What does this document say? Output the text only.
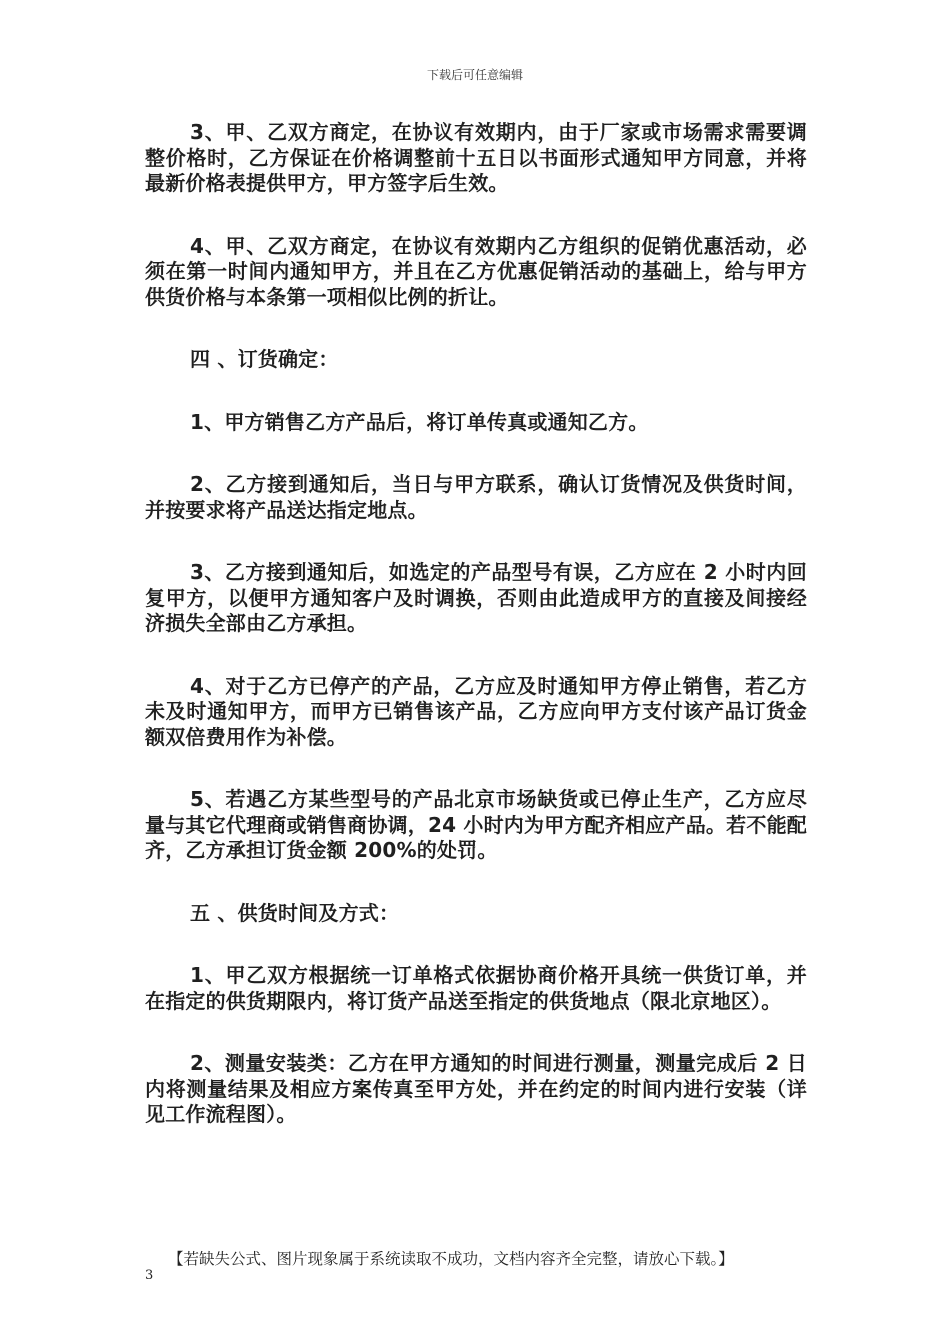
下载后可任意编辑

3、甲、乙双方商定，在协议有效期内，由于厂家或市场需求需要调整价格时，乙方保证在价格调整前十五日以书面形式通知甲方同意，并将最新价格表提供甲方，甲方签字后生效。

4、甲、乙双方商定，在协议有效期内乙方组织的促销优惠活动，必须在第一时间内通知甲方，并且在乙方优惠促销活动的基础上，给与甲方供货价格与本条第一项相似比例的折让。

四 、订货确定：

1、甲方销售乙方产品后，将订单传真或通知乙方。

2、乙方接到通知后，当日与甲方联系，确认订货情况及供货时间，并按要求将产品送达指定地点。

3、乙方接到通知后，如选定的产品型号有误，乙方应在 2 小时内回复甲方，以便甲方通知客户及时调换，否则由此造成甲方的直接及间接经济损失全部由乙方承担。

4、对于乙方已停产的产品，乙方应及时通知甲方停止销售，若乙方未及时通知甲方，而甲方已销售该产品，乙方应向甲方支付该产品订货金额双倍费用作为补偿。

5、若遇乙方某些型号的产品北京市场缺货或已停止生产，乙方应尽量与其它代理商或销售商协调，24 小时内为甲方配齐相应产品。若不能配齐，乙方承担订货金额 200%的处罚。

五 、供货时间及方式：

1、甲乙双方根据统一订单格式依据协商价格开具统一供货订单，并在指定的供货期限内，将订货产品送至指定的供货地点（限北京地区）。

2、测量安装类：乙方在甲方通知的时间进行测量，测量完成后 2 日内将测量结果及相应方案传真至甲方处，并在约定的时间内进行安装（详见工作流程图）。

【若缺失公式、图片现象属于系统读取不成功，文档内容齐全完整，请放心下载。】
3
